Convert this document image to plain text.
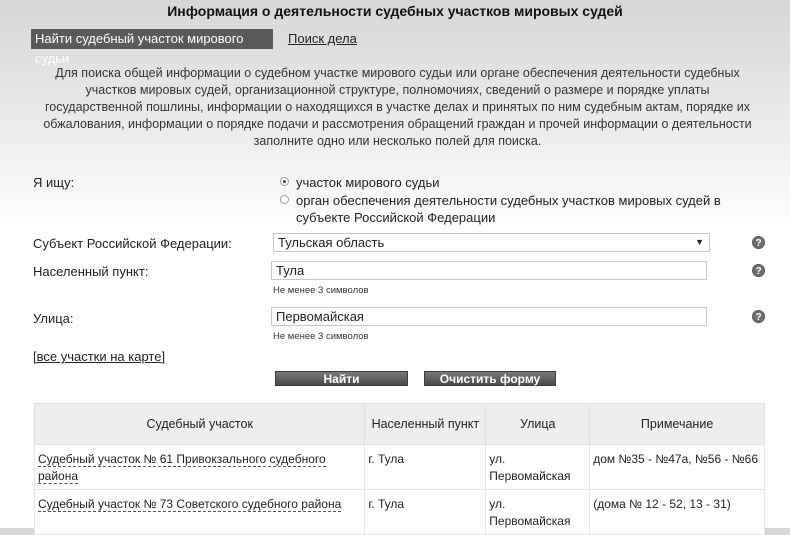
Информация о деятельности судебных участков мировых судей
Найти судебный участок мирового судьи
Поиск дела
Для поиска общей информации о судебном участке мирового судьи или органе обеспечения деятельности судебных участков мировых судей, организационной структуре, полномочиях, сведений о размере и порядке уплаты государственной пошлины, информации о находящихся в участке делах и принятых по ним судебным актам, порядке их обжалования, информации о порядке подачи и рассмотрения обращений граждан и прочей информации о деятельности заполните одно или несколько полей для поиска.
Я ищу:	участок мирового судьи
орган обеспечения деятельности судебных участков мировых судей в субъекте Российской Федерации
Субъект Российской Федерации:	Тульская область	▼	?
Населенный пункт:	Тула
Не менее 3 символов
?
Улица:	Первомайская
Не менее 3 символов
?
[все участки на карте]
Найти	Очистить форму
Судебный участок	Населенный пункт	Улица	Примечание
Судебный участок № 61 Привокзального судебного района	г. Тула	ул. Первомайская	дом №35 - №47а, №56 - №66
Судебный участок № 73 Советского судебного района	г. Тула	ул. Первомайская	(дома № 12 - 52, 13 - 31)
